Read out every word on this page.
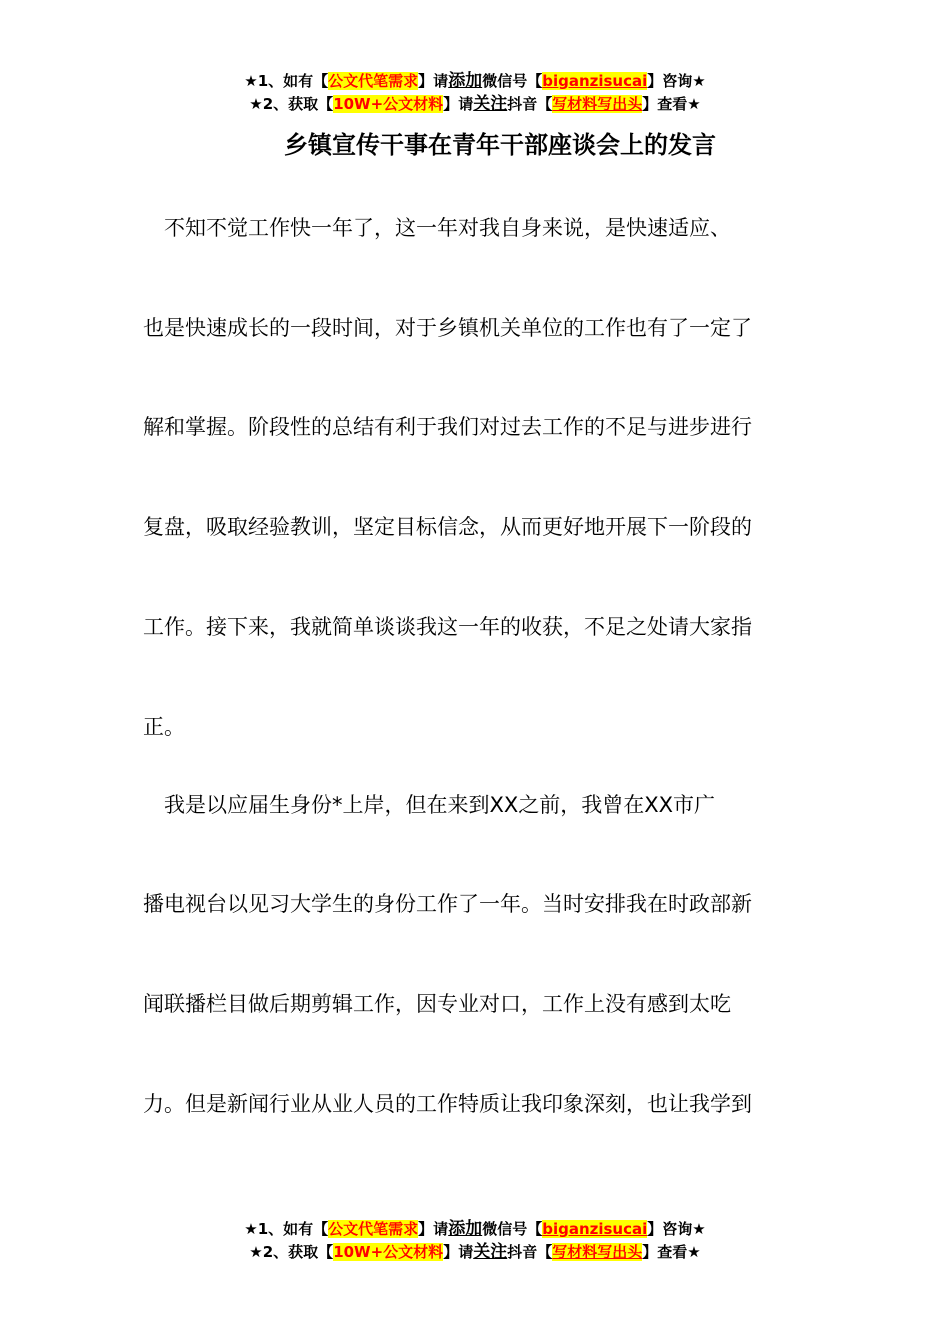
★1、如有【公文代笔需求】请添加微信号【biganzisucai】咨询★
★2、获取【10W+公文材料】请关注抖音【写材料写出头】查看★
乡镇宣传干事在青年干部座谈会上的发言
　不知不觉工作快一年了，这一年对我自身来说，是快速适应、
也是快速成长的一段时间，对于乡镇机关单位的工作也有了一定了
解和掌握。阶段性的总结有利于我们对过去工作的不足与进步进行
复盘，吸取经验教训，坚定目标信念，从而更好地开展下一阶段的
工作。接下来，我就简单谈谈我这一年的收获，不足之处请大家指
正。
　我是以应届生身份*上岸，但在来到XX之前，我曾在XX市广
播电视台以见习大学生的身份工作了一年。当时安排我在时政部新
闻联播栏目做后期剪辑工作，因专业对口，工作上没有感到太吃
力。但是新闻行业从业人员的工作特质让我印象深刻，也让我学到
★1、如有【公文代笔需求】请添加微信号【biganzisucai】咨询★
★2、获取【10W+公文材料】请关注抖音【写材料写出头】查看★
